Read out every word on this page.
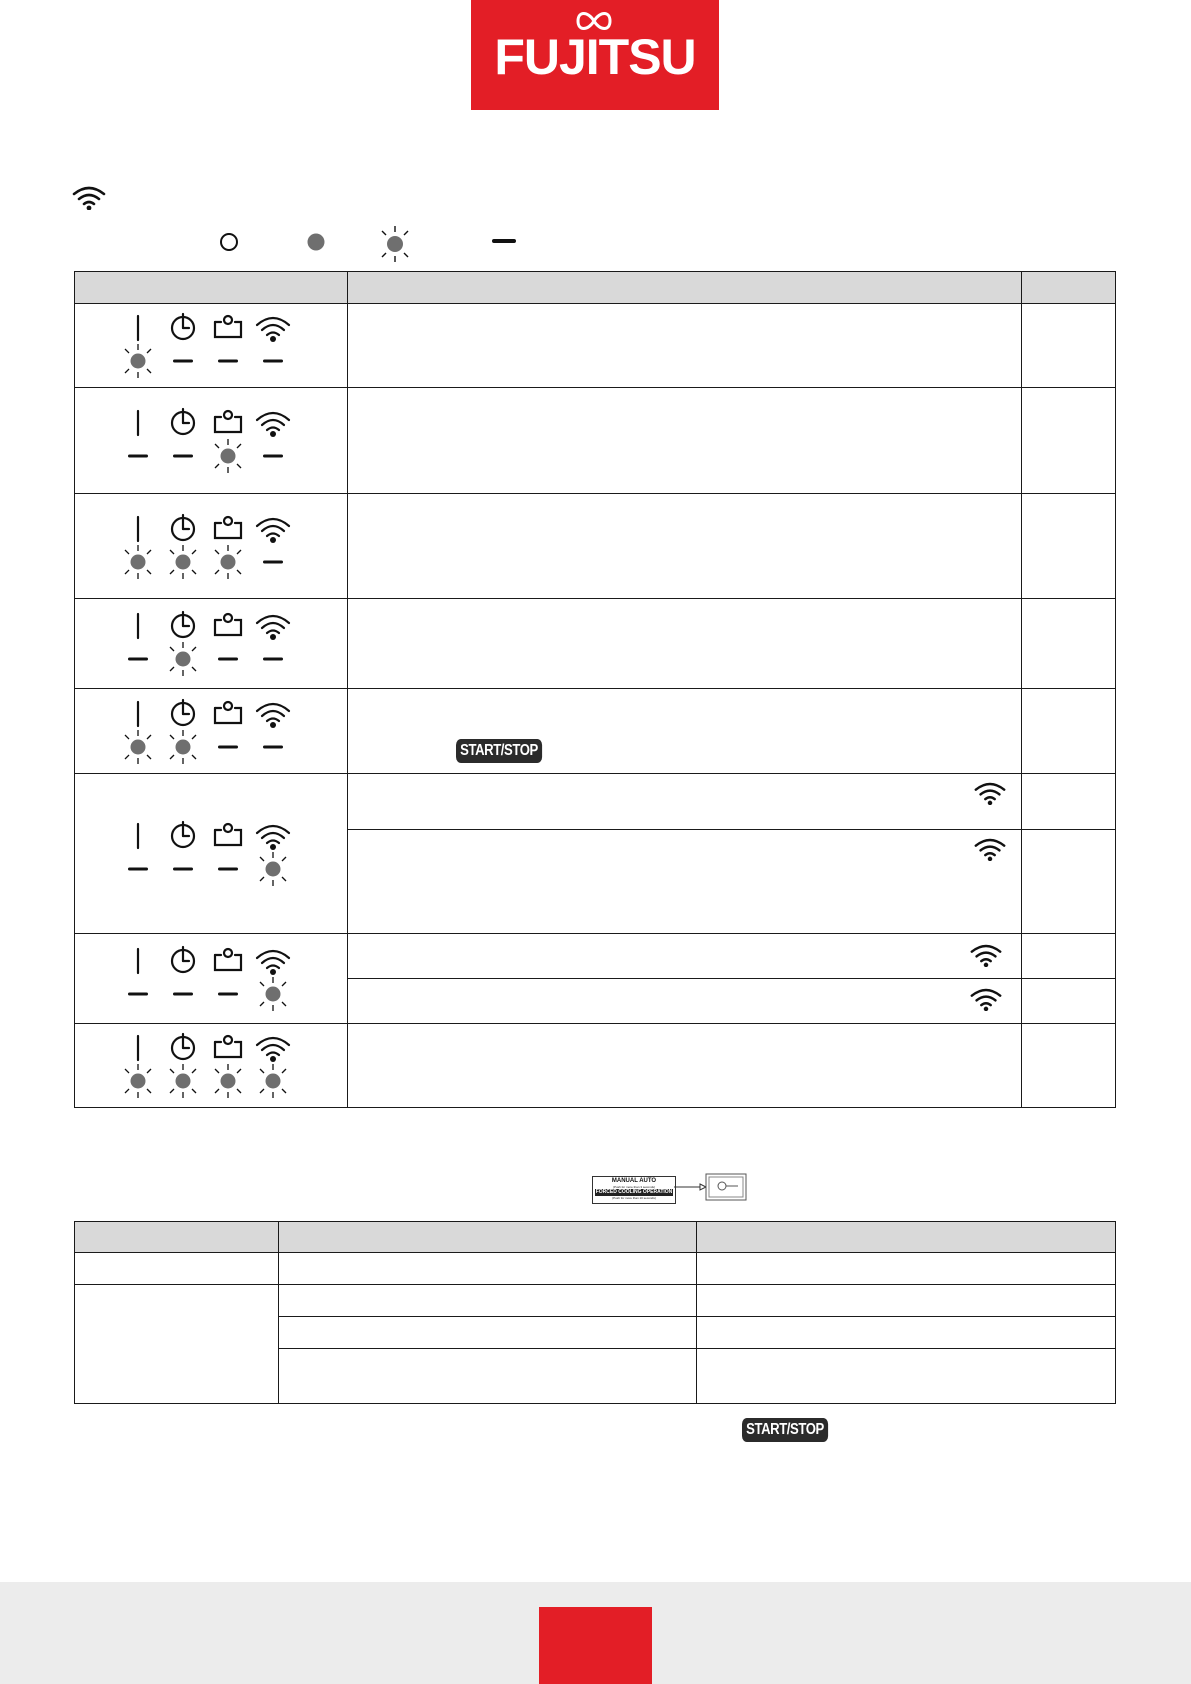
FUJITSU

START/STOP	

MANUAL AUTO
(Push for more than 3 seconds)
FORCED COOLING OPERATION
(Push for more than 10 seconds)

START/STOP
